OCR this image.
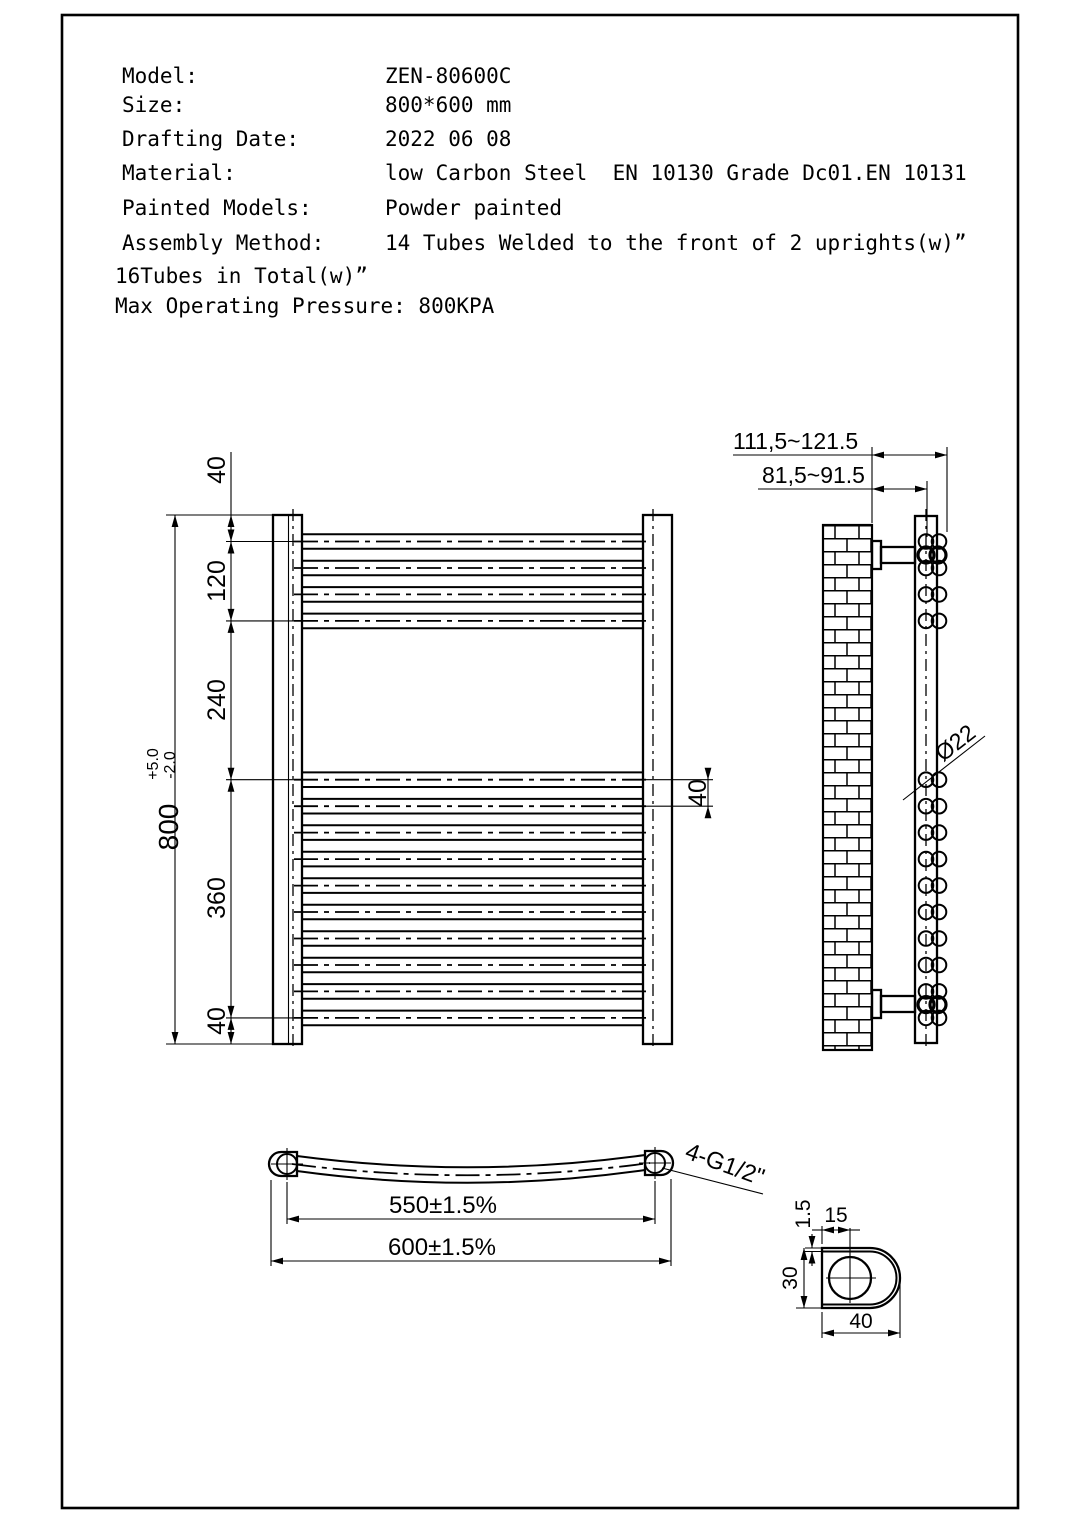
Model:	ZEN-80600C
Size:	800*600 mm
Drafting Date:	2022 06 08
Material:	low Carbon Steel  EN 10130 Grade Dc01.EN 10131
Painted Models:	Powder painted
Assembly Method:	14 Tubes Welded to the front of 2 uprights(w)”
16Tubes in Total(w)”
Max Operating Pressure: 800KPA
800
+5.0 -2.0
40
120
240
360
40
40
111,5~121.5
81,5~91.5
Ø22
550±1.5%
600±1.5%
4-G1/2"
15
1.5
30
40
